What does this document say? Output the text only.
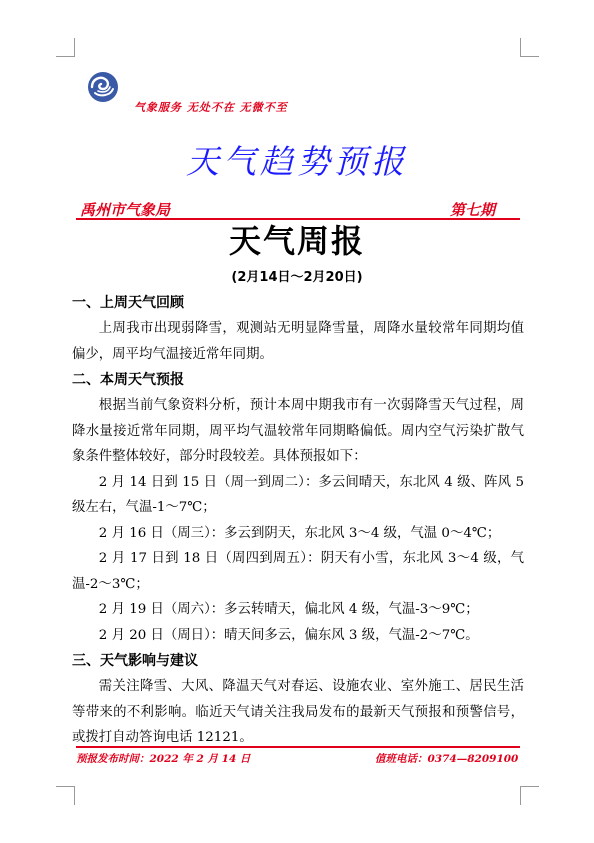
气象服务 无处不在 无微不至
天气趋势预报
禹州市气象局	第七期
天气周报
(2月14日～2月20日)
一、上周天气回顾

上周我市出现弱降雪，观测站无明显降雪量，周降水量较常年同期均值偏少，周平均气温接近常年同期。

二、本周天气预报

根据当前气象资料分析，预计本周中期我市有一次弱降雪天气过程，周降水量接近常年同期，周平均气温较常年同期略偏低。周内空气污染扩散气象条件整体较好，部分时段较差。具体预报如下：

2 月 14 日到 15 日（周一到周二）：多云间晴天，东北风 4 级、阵风 5 级左右，气温-1～7℃；

2 月 16 日（周三）：多云到阴天，东北风 3～4 级，气温 0～4℃；

2 月 17 日到 18 日（周四到周五）：阴天有小雪，东北风 3～4 级，气温-2～3℃；

2 月 19 日（周六）：多云转晴天，偏北风 4 级，气温-3～9℃；

2 月 20 日（周日）：晴天间多云，偏东风 3 级，气温-2～7℃。

三、天气影响与建议

需关注降雪、大风、降温天气对春运、设施农业、室外施工、居民生活等带来的不利影响。临近天气请关注我局发布的最新天气预报和预警信号，或拨打自动答询电话 12121。

预报发布时间：2022 年 2 月 14 日	值班电话：0374—8209100
